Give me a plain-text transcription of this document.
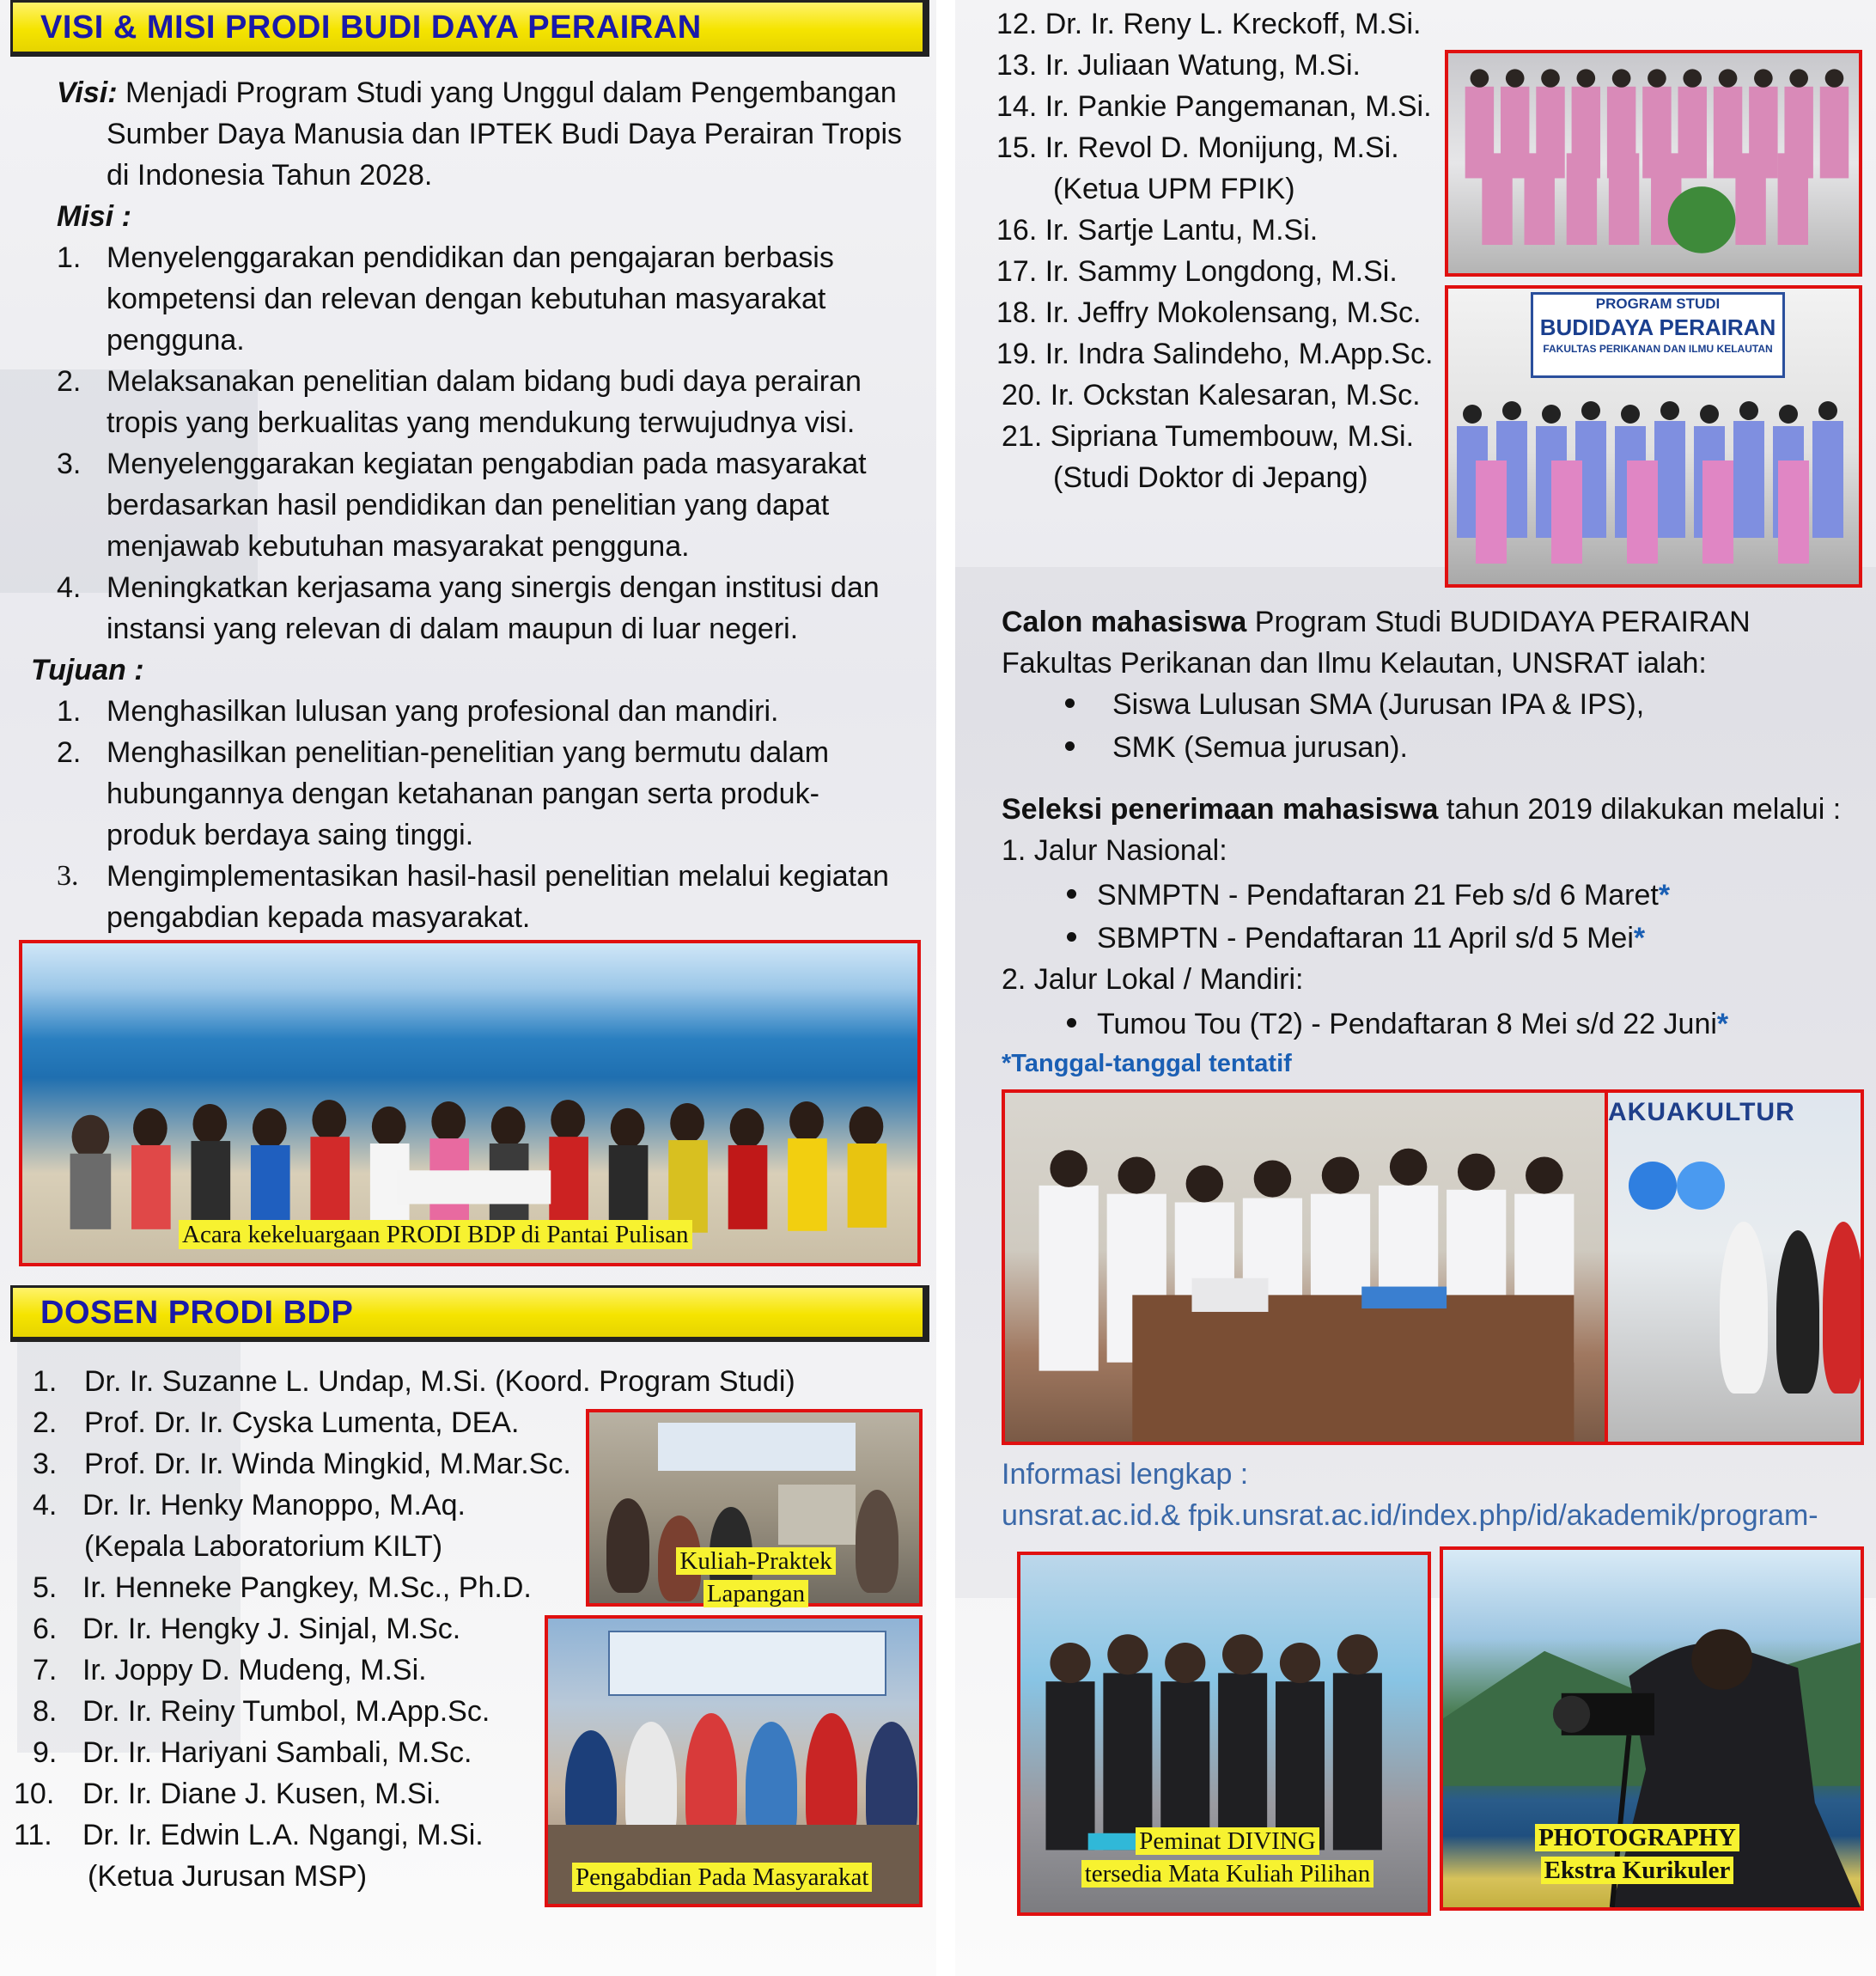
VISI & MISI PRODI BUDI DAYA PERAIRAN
Visi: Menjadi Program Studi yang Unggul dalam Pengembangan
Sumber Daya Manusia dan IPTEK Budi Daya Perairan Tropis
di Indonesia Tahun 2028.
Misi :
1. Menyelenggarakan pendidikan dan pengajaran berbasis
kompetensi dan relevan dengan kebutuhan masyarakat
pengguna.
2. Melaksanakan penelitian dalam bidang budi daya perairan
tropis yang berkualitas yang mendukung terwujudnya visi.
3. Menyelenggarakan kegiatan pengabdian pada masyarakat
berdasarkan hasil pendidikan dan penelitian yang dapat
menjawab kebutuhan masyarakat pengguna.
4. Meningkatkan kerjasama yang sinergis dengan institusi dan
instansi yang relevan di dalam maupun di luar negeri.
Tujuan :
1. Menghasilkan lulusan yang profesional dan mandiri.
2. Menghasilkan penelitian-penelitian yang bermutu dalam
hubungannya dengan ketahanan pangan serta produk-
produk berdaya saing tinggi.
3. Mengimplementasikan hasil-hasil penelitian melalui kegiatan
pengabdian kepada masyarakat.
Acara kekeluargaan PRODI BDP di Pantai Pulisan
DOSEN PRODI BDP
1. Dr. Ir. Suzanne L. Undap, M.Si. (Koord. Program Studi)
2. Prof. Dr. Ir. Cyska Lumenta, DEA.
3. Prof. Dr. Ir. Winda Mingkid, M.Mar.Sc.
4. Dr. Ir. Henky Manoppo, M.Aq.
(Kepala Laboratorium KILT)
5. Ir. Henneke Pangkey, M.Sc., Ph.D.
6. Dr. Ir. Hengky J. Sinjal, M.Sc.
7. Ir. Joppy D. Mudeng, M.Si.
8. Dr. Ir. Reiny Tumbol, M.App.Sc.
9. Dr. Ir. Hariyani Sambali, M.Sc.
10. Dr. Ir. Diane J. Kusen, M.Si.
11. Dr. Ir. Edwin L.A. Ngangi, M.Si.
(Ketua Jurusan MSP)
Kuliah-Praktek
Lapangan
Pengabdian Pada Masyarakat
12. Dr. Ir. Reny L. Kreckoff, M.Si.
13. Ir. Juliaan Watung, M.Si.
14. Ir. Pankie Pangemanan, M.Si.
15. Ir. Revol D. Monijung, M.Si.
(Ketua UPM FPIK)
16. Ir. Sartje Lantu, M.Si.
17. Ir. Sammy Longdong, M.Si.
18. Ir. Jeffry Mokolensang, M.Sc.
19. Ir. Indra Salindeho, M.App.Sc.
20. Ir. Ockstan Kalesaran, M.Sc.
21. Sipriana Tumembouw, M.Si.
(Studi Doktor di Jepang)
PROGRAM STUDI
BUDIDAYA PERAIRAN
FAKULTAS PERIKANAN DAN ILMU KELAUTAN
Calon mahasiswa Program Studi BUDIDAYA PERAIRAN
Fakultas Perikanan dan Ilmu Kelautan, UNSRAT ialah:
Siswa Lulusan SMA (Jurusan IPA & IPS),
SMK (Semua jurusan).
Seleksi penerimaan mahasiswa tahun 2019 dilakukan melalui :
1. Jalur Nasional:
SNMPTN - Pendaftaran 21 Feb s/d 6 Maret*
SBMPTN - Pendaftaran 11 April s/d 5 Mei*
2. Jalur Lokal / Mandiri:
Tumou Tou (T2) - Pendaftaran 8 Mei s/d 22 Juni*
*Tanggal-tanggal tentatif
AKUAKULTUR
Informasi lengkap :
unsrat.ac.id.& fpik.unsrat.ac.id/index.php/id/akademik/program-
Peminat DIVING
tersedia Mata Kuliah Pilihan
PHOTOGRAPHY
Ekstra Kurikuler
